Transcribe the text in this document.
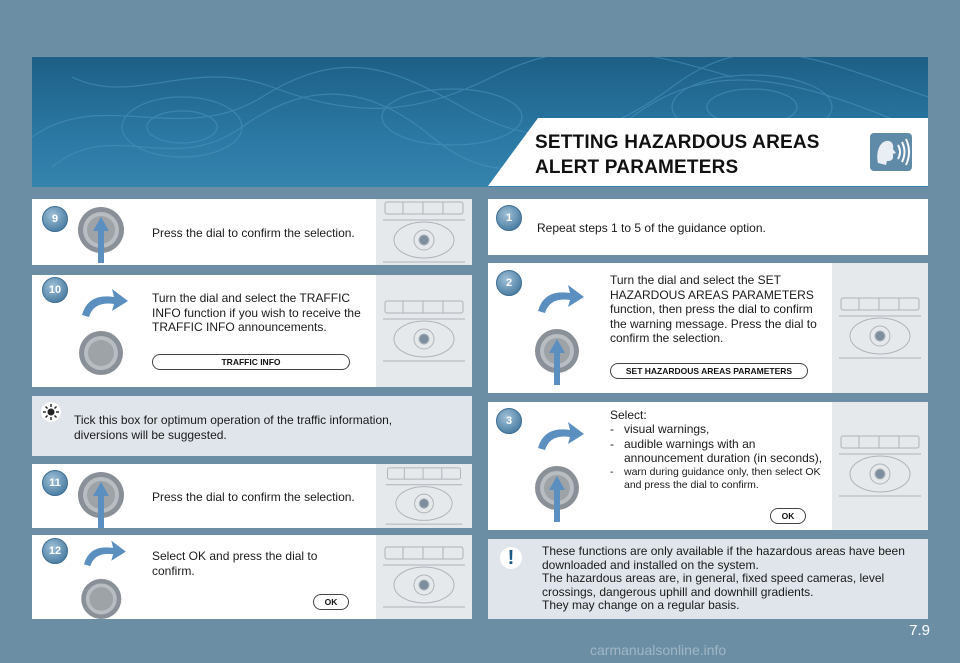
SETTING HAZARDOUS AREAS
ALERT PARAMETERS
9
Press the dial to confirm the selection.
10
Turn the dial and select the TRAFFIC INFO function if you wish to receive the TRAFFIC INFO announcements.
TRAFFIC INFO
Tick this box for optimum operation of the traffic information, diversions will be suggested.
11
Press the dial to confirm the selection.
12	Select OK and press the dial to confirm.
OK
1
Repeat steps 1 to 5 of the guidance option.
2	Turn the dial and select the SET HAZARDOUS AREAS PARAMETERS function, then press the dial to confirm the warning message. Press the dial to confirm the selection.
SET HAZARDOUS AREAS PARAMETERS
3	Select:
- visual warnings,
- audible warnings with an announcement duration (in seconds),
- warn during guidance only, then select OK and press the dial to confirm.
OK
!	These functions are only available if the hazardous areas have been downloaded and installed on the system.
The hazardous areas are, in general, fixed speed cameras, level crossings, dangerous uphill and downhill gradients.
They may change on a regular basis.
7.9
carmanualsonline.info
